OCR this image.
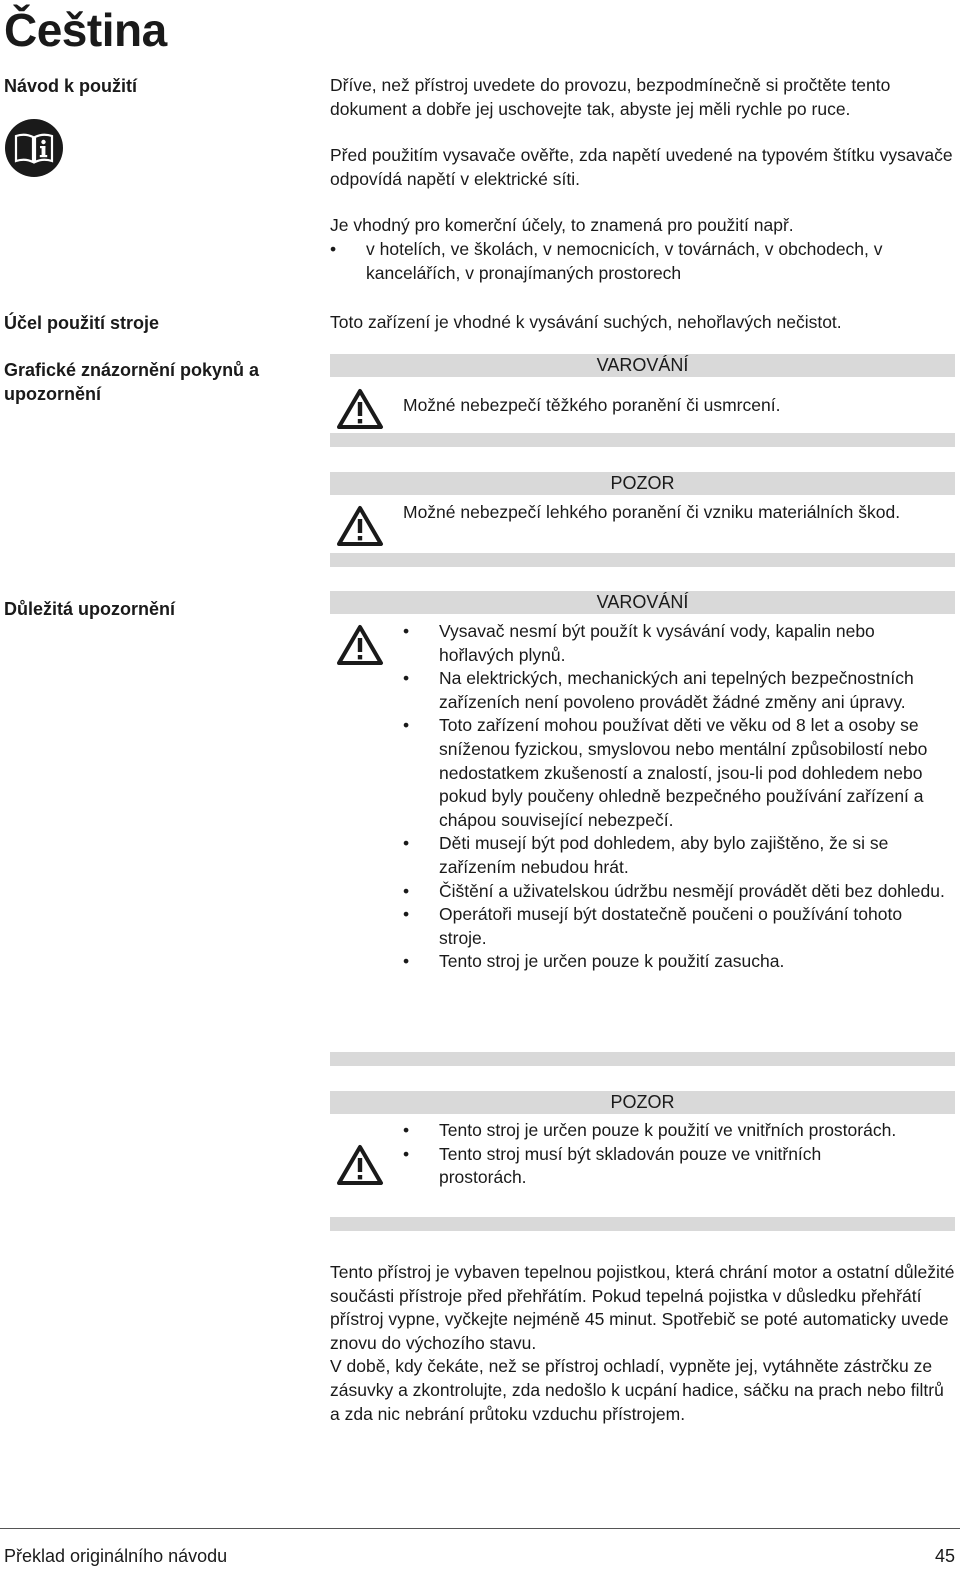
Čeština
Návod k použití	Dříve, než přístroj uvedete do provozu, bezpodmínečně si pročtěte tento dokument a dobře jej uschovejte tak, abyste jej měli rychle po ruce.

Před použitím vysavače ověřte, zda napětí uvedené na typovém štítku vysavače odpovídá napětí v elektrické síti.

Je vhodný pro komerční účely, to znamená pro použití např.

• v hotelích, ve školách, v nemocnicích, v továrnách, v obchodech, v kancelářích, v pronajímaných prostorech
Účel použití stroje	Toto zařízení je vhodné k vysávání suchých, nehořlavých nečistot.
Grafické znázornění pokynů a upozornění
VAROVÁNÍ
Možné nebezpečí těžkého poranění či usmrcení.
POZOR
Možné nebezpečí lehkého poranění či vzniku materiálních škod.
Důležitá upozornění	VAROVÁNÍ
• Vysavač nesmí být použít k vysávání vody, kapalin nebo hořlavých plynů.
• Na elektrických, mechanických ani tepelných bezpečnostních zařízeních není povoleno provádět žádné změny ani úpravy.
• Toto zařízení mohou používat děti ve věku od 8 let a osoby se sníženou fyzickou, smyslovou nebo mentální způsobilostí nebo nedostatkem zkušeností a znalostí, jsou-li pod dohledem nebo pokud byly poučeny ohledně bezpečného používání zařízení a chápou související nebezpečí.
• Děti musejí být pod dohledem, aby bylo zajištěno, že si se zařízením nebudou hrát.
• Čištění a uživatelskou údržbu nesmějí provádět děti bez dohledu.
• Operátoři musejí být dostatečně poučeni o používání tohoto stroje.
• Tento stroj je určen pouze k použití zasucha.
POZOR
• Tento stroj je určen pouze k použití ve vnitřních prostorách.
• Tento stroj musí být skladován pouze ve vnitřních prostorách.

Tento přístroj je vybaven tepelnou pojistkou, která chrání motor a ostatní důležité součásti přístroje před přehřátím. Pokud tepelná pojistka v důsledku přehřátí přístroj vypne, vyčkejte nejméně 45 minut. Spotřebič se poté automaticky uvede znovu do výchozího stavu.

V době, kdy čekáte, než se přístroj ochladí, vypněte jej, vytáhněte zástrčku ze zásuvky a zkontrolujte, zda nedošlo k ucpání hadice, sáčku na prach nebo filtrů a zda nic nebrání průtoku vzduchu přístrojem.

Překlad originálního návodu	45
